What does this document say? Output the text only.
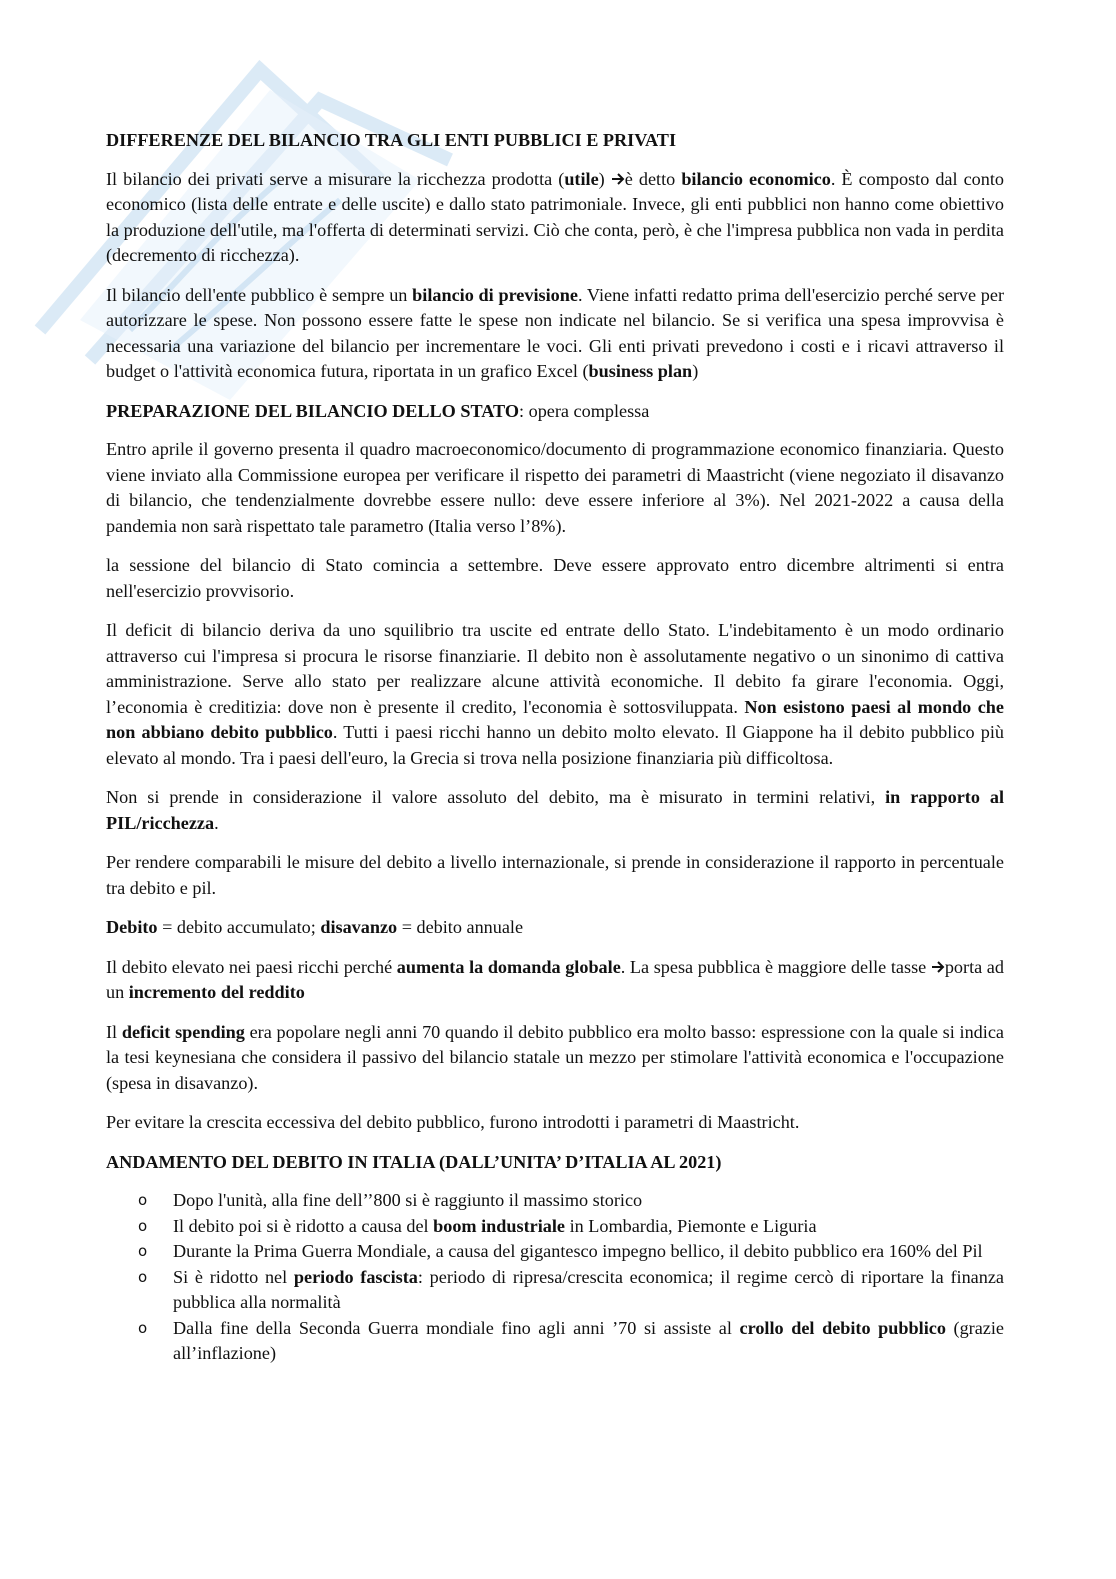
DIFFERENZE DEL BILANCIO TRA GLI ENTI PUBBLICI E PRIVATI

Il bilancio dei privati serve a misurare la ricchezza prodotta (utile) è detto bilancio economico. È composto dal conto economico (lista delle entrate e delle uscite) e dallo stato patrimoniale. Invece, gli enti pubblici non hanno come obiettivo la produzione dell'utile, ma l'offerta di determinati servizi. Ciò che conta, però, è che l'impresa pubblica non vada in perdita (decremento di ricchezza).

Il bilancio dell'ente pubblico è sempre un bilancio di previsione. Viene infatti redatto prima dell'esercizio perché serve per autorizzare le spese. Non possono essere fatte le spese non indicate nel bilancio. Se si verifica una spesa improvvisa è necessaria una variazione del bilancio per incrementare le voci. Gli enti privati prevedono i costi e i ricavi attraverso il budget o l'attività economica futura, riportata in un grafico Excel (business plan)

PREPARAZIONE DEL BILANCIO DELLO STATO: opera complessa

Entro aprile il governo presenta il quadro macroeconomico/documento di programmazione economico finanziaria. Questo viene inviato alla Commissione europea per verificare il rispetto dei parametri di Maastricht (viene negoziato il disavanzo di bilancio, che tendenzialmente dovrebbe essere nullo: deve essere inferiore al 3%). Nel 2021-2022 a causa della pandemia non sarà rispettato tale parametro (Italia verso l’8%).

la sessione del bilancio di Stato comincia a settembre. Deve essere approvato entro dicembre altrimenti si entra nell'esercizio provvisorio.

Il deficit di bilancio deriva da uno squilibrio tra uscite ed entrate dello Stato. L'indebitamento è un modo ordinario attraverso cui l'impresa si procura le risorse finanziarie. Il debito non è assolutamente negativo o un sinonimo di cattiva amministrazione. Serve allo stato per realizzare alcune attività economiche. Il debito fa girare l'economia. Oggi, l’economia è creditizia: dove non è presente il credito, l'economia è sottosviluppata. Non esistono paesi al mondo che non abbiano debito pubblico. Tutti i paesi ricchi hanno un debito molto elevato. Il Giappone ha il debito pubblico più elevato al mondo. Tra i paesi dell'euro, la Grecia si trova nella posizione finanziaria più difficoltosa.

Non si prende in considerazione il valore assoluto del debito, ma è misurato in termini relativi, in rapporto al PIL/ricchezza.

Per rendere comparabili le misure del debito a livello internazionale, si prende in considerazione il rapporto in percentuale tra debito e pil.

Debito = debito accumulato; disavanzo = debito annuale

Il debito elevato nei paesi ricchi perché aumenta la domanda globale. La spesa pubblica è maggiore delle tasse porta ad un incremento del reddito

Il deficit spending era popolare negli anni 70 quando il debito pubblico era molto basso: espressione con la quale si indica la tesi keynesiana che considera il passivo del bilancio statale un mezzo per stimolare l'attività economica e l'occupazione (spesa in disavanzo).

Per evitare la crescita eccessiva del debito pubblico, furono introdotti i parametri di Maastricht.

ANDAMENTO DEL DEBITO IN ITALIA (DALL’UNITA’ D’ITALIA AL 2021)
o Dopo l'unità, alla fine dell’’800 si è raggiunto il massimo storico
o Il debito poi si è ridotto a causa del boom industriale in Lombardia, Piemonte e Liguria
o Durante la Prima Guerra Mondiale, a causa del gigantesco impegno bellico, il debito pubblico era 160% del Pil
o Si è ridotto nel periodo fascista: periodo di ripresa/crescita economica; il regime cercò di riportare la finanza pubblica alla normalità
o Dalla fine della Seconda Guerra mondiale fino agli anni ’70 si assiste al crollo del debito pubblico (grazie all’inflazione)
